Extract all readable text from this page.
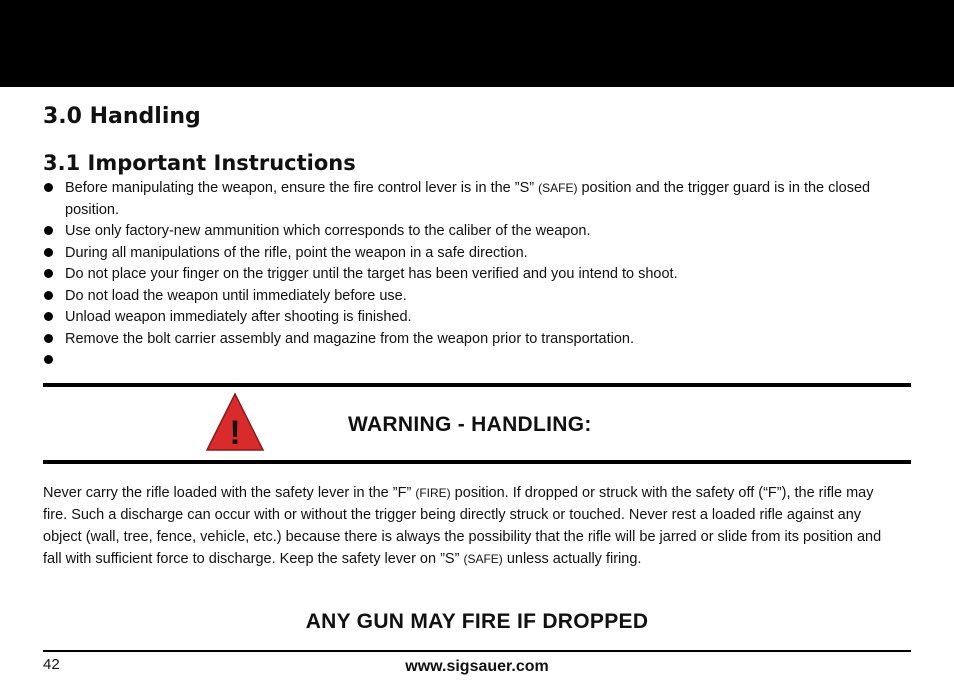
3.0 Handling
3.1 Important Instructions
Before manipulating the weapon, ensure the fire control lever is in the ”S” (SAFE) position and the trigger guard is in the closed position.
Use only factory-new ammunition which corresponds to the caliber of the weapon.
During all manipulations of the rifle, point the weapon in a safe direction.
Do not place your finger on the trigger until the target has been verified and you intend to shoot.
Do not load the weapon until immediately before use.
Unload weapon immediately after shooting is finished.
Remove the bolt carrier assembly and magazine from the weapon prior to transportation.
!	WARNING - HANDLING:

Never carry the rifle loaded with the safety lever in the ”F” (FIRE) position. If dropped or struck with the safety off (“F”), the rifle may fire. Such a discharge can occur with or without the trigger being directly struck or touched. Never rest a loaded rifle against any object (wall, tree, fence, vehicle, etc.) because there is always the possibility that the rifle will be jarred or slide from its position and fall with sufficient force to discharge. Keep the safety lever on ”S” (SAFE) unless actually firing.

ANY GUN MAY FIRE IF DROPPED
42	www.sigsauer.com
